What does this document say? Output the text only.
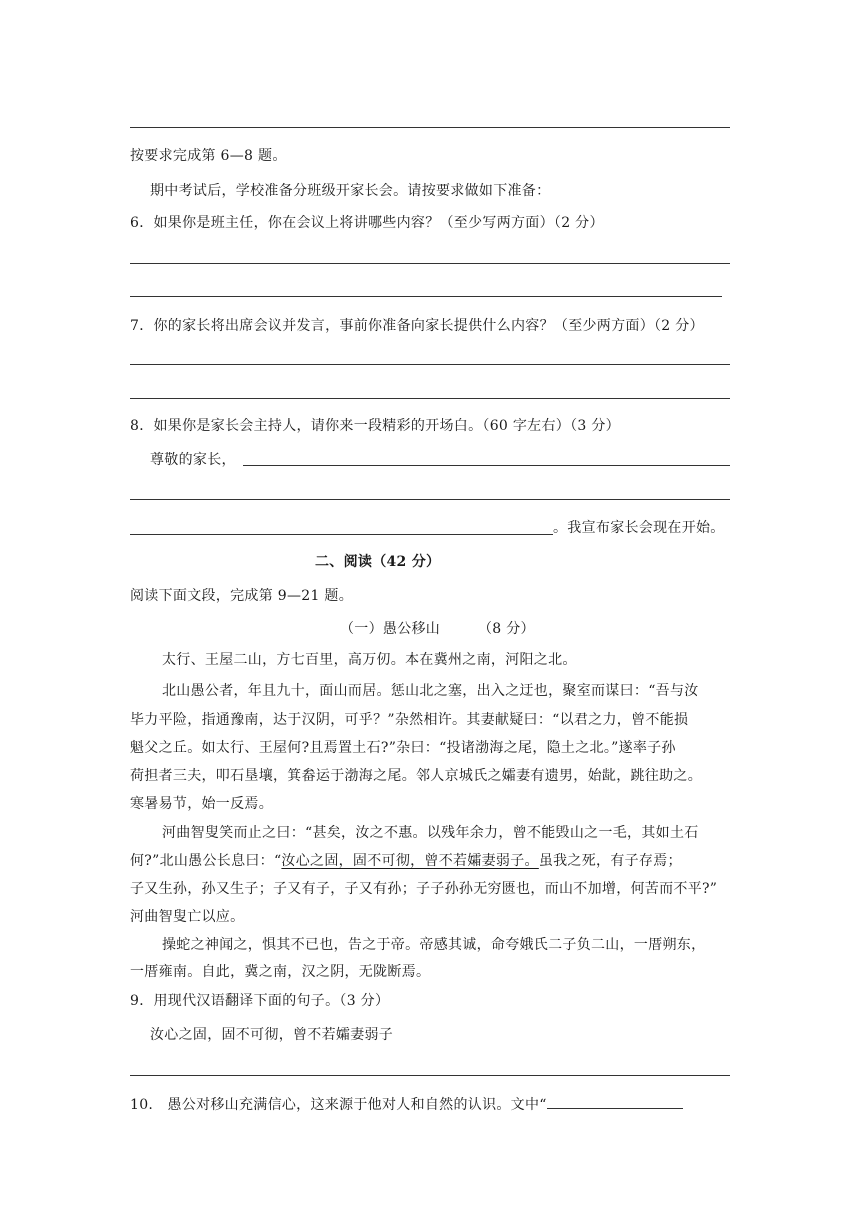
按要求完成第 6—8 题。
期中考试后，学校准备分班级开家长会。请按要求做如下准备：
6．如果你是班主任，你在会议上将讲哪些内容？（至少写两方面）（2 分）
7．你的家长将出席会议并发言，事前你准备向家长提供什么内容？（至少两方面）（2 分）
8．如果你是家长会主持人，请你来一段精彩的开场白。（60 字左右）（3 分）
尊敬的家长，
。我宣布家长会现在开始。
二、阅读（42 分）
阅读下面文段，完成第 9—21 题。
（一）愚公移山	（8 分）
太行、王屋二山，方七百里，高万仞。本在冀州之南，河阳之北。
北山愚公者，年且九十，面山而居。惩山北之塞，出入之迂也，聚室而谋曰：“吾与汝
毕力平险，指通豫南，达于汉阴，可乎？”杂然相许。其妻献疑曰：“以君之力，曾不能损
魁父之丘。如太行、王屋何?且焉置土石?”杂曰：“投诸渤海之尾，隐土之北。”遂率子孙
荷担者三夫，叩石垦壤，箕畚运于渤海之尾。邻人京城氏之孀妻有遗男，始龀，跳往助之。
寒暑易节，始一反焉。
河曲智叟笑而止之曰：“甚矣，汝之不惠。以残年余力，曾不能毁山之一毛，其如土石
何?”北山愚公长息曰：“汝心之固，固不可彻，曾不若孀妻弱子。虽我之死，有子存焉；
子又生孙，孙又生子；子又有子，子又有孙；子子孙孙无穷匮也，而山不加增，何苦而不平?”
河曲智叟亡以应。
操蛇之神闻之，惧其不已也，告之于帝。帝感其诚，命夸娥氏二子负二山，一厝朔东，
一厝雍南。自此，冀之南，汉之阴，无陇断焉。
9．用现代汉语翻译下面的句子。（3 分）
汝心之固，固不可彻，曾不若孀妻弱子
10.　愚公对移山充满信心，这来源于他对人和自然的认识。文中“
